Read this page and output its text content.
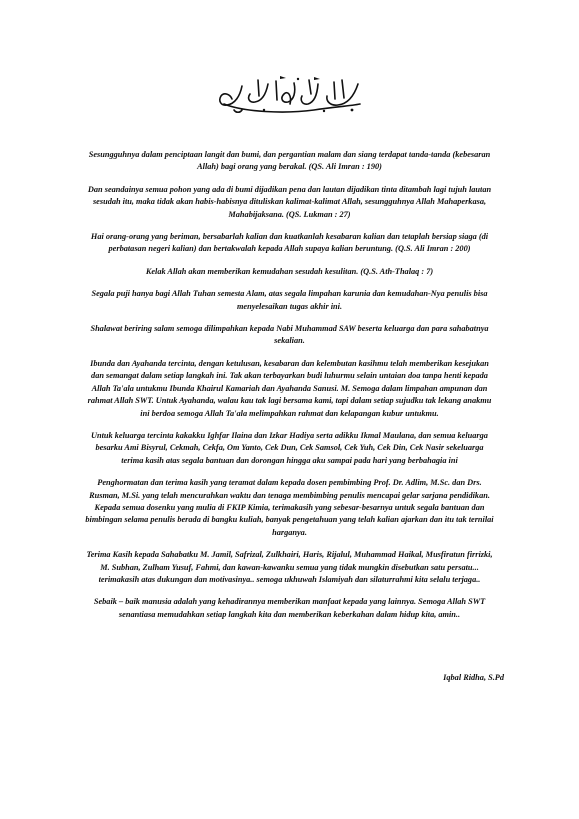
Sesungguhnya dalam penciptaan langit dan bumi, dan pergantian malam dan siang terdapat tanda-tanda (kebesaran Allah) bagi orang yang berakal. (QS. Ali Imran : 190)

Dan seandainya semua pohon yang ada di bumi dijadikan pena dan lautan dijadikan tinta ditambah lagi tujuh lautan sesudah itu, maka tidak akan habis-habisnya dituliskan kalimat-kalimat Allah, sesungguhnya Allah Mahaperkasa, Mahabijaksana. (QS. Lukman : 27)

Hai orang-orang yang beriman, bersabarlah kalian dan kuatkanlah kesabaran kalian dan tetaplah bersiap siaga (di perbatasan negeri kalian) dan bertakwalah kepada Allah supaya kalian beruntung. (Q.S. Ali Imran : 200)

Kelak Allah akan memberikan kemudahan sesudah kesulitan. (Q.S. Ath-Thalaq : 7)

Segala puji hanya bagi Allah Tuhan semesta Alam, atas segala limpahan karunia dan kemudahan-Nya penulis bisa menyelesaikan tugas akhir ini.

Shalawat beriring salam semoga dilimpahkan kepada Nabi Muhammad SAW beserta keluarga dan para sahabatnya sekalian.

Ibunda dan Ayahanda tercinta, dengan ketulusan, kesabaran dan kelembutan kasihmu telah memberikan kesejukan dan semangat dalam setiap langkah ini. Tak akan terbayarkan budi luhurmu selain untaian doa tanpa henti kepada Allah Ta'ala untukmu Ibunda Khairul Kamariah dan Ayahanda Sanusi. M. Semoga dalam limpahan ampunan dan rahmat Allah SWT. Untuk Ayahanda, walau kau tak lagi bersama kami, tapi dalam setiap sujudku tak lekang anakmu ini berdoa semoga Allah Ta'ala melimpahkan rahmat dan kelapangan kubur untukmu.

Untuk keluarga tercinta kakakku Ighfar Ilaina dan Izkar Hadiya serta adikku Ikmal Maulana, dan semua keluarga besarku Ami Bisyrul, Cekmah, Cekfa, Om Yanto, Cek Dun, Cek Samsol, Cek Yuh, Cek Din, Cek Nasir sekeluarga terima kasih atas segala bantuan dan dorongan hingga aku sampai pada hari yang berbahagia ini

Penghormatan dan terima kasih yang teramat dalam kepada dosen pembimbing Prof. Dr. Adlim, M.Sc. dan Drs. Rusman, M.Si. yang telah mencurahkan waktu dan tenaga membimbing penulis mencapai gelar sarjana pendidikan. Kepada semua dosenku yang mulia di FKIP Kimia, terimakasih yang sebesar-besarnya untuk segala bantuan dan bimbingan selama penulis berada di bangku kuliah, banyak pengetahuan yang telah kalian ajarkan dan itu tak ternilai harganya.

Terima Kasih kepada Sahabatku M. Jamil, Safrizal, Zulkhairi, Haris, Rijalul, Muhammad Haikal, Musfiratun firrizki, M. Subhan, Zulham Yusuf, Fahmi, dan kawan-kawanku semua yang tidak mungkin disebutkan satu persatu... terimakasih atas dukungan dan motivasinya.. semoga ukhuwah Islamiyah dan silaturrahmi kita selalu terjaga..

Sebaik – baik manusia adalah yang kehadirannya memberikan manfaat kepada yang lainnya. Semoga Allah SWT senantiasa memudahkan setiap langkah kita dan memberikan keberkahan dalam hidup kita, amin..

Iqbal Ridha, S.Pd
